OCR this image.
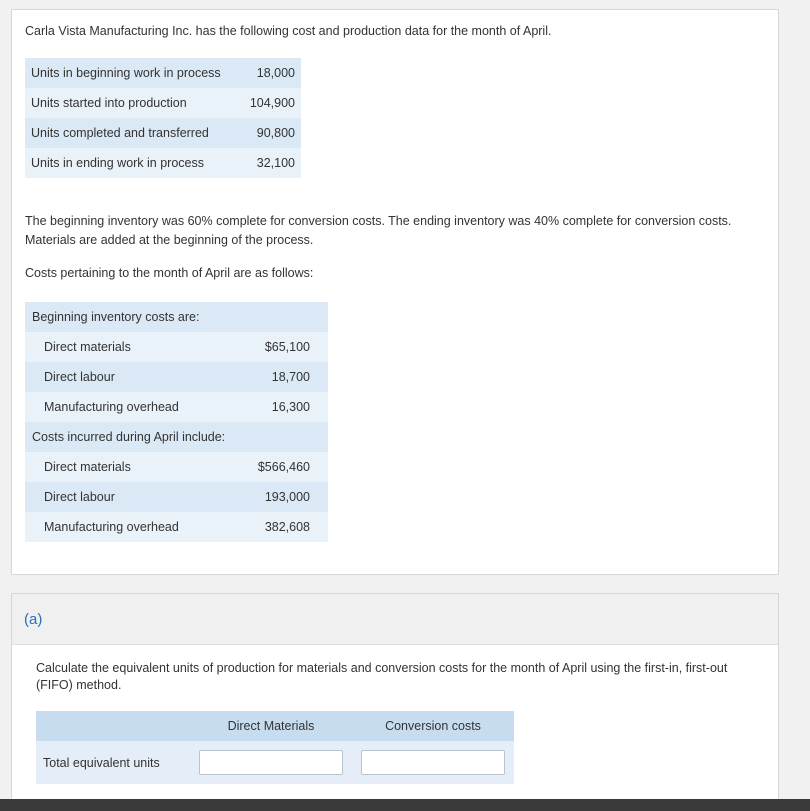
Carla Vista Manufacturing Inc. has the following cost and production data for the month of April.
Units in beginning work in process	18,000
Units started into production	104,900
Units completed and transferred	90,800
Units in ending work in process	32,100
The beginning inventory was 60% complete for conversion costs. The ending inventory was 40% complete for conversion costs. Materials are added at the beginning of the process.
Costs pertaining to the month of April are as follows:
Beginning inventory costs are:	
Direct materials	$65,100
Direct labour	18,700
Manufacturing overhead	16,300
Costs incurred during April include:	
Direct materials	$566,460
Direct labour	193,000
Manufacturing overhead	382,608
(a)
Calculate the equivalent units of production for materials and conversion costs for the month of April using the first-in, first-out (FIFO) method.
	Direct Materials	Conversion costs
Total equivalent units	
